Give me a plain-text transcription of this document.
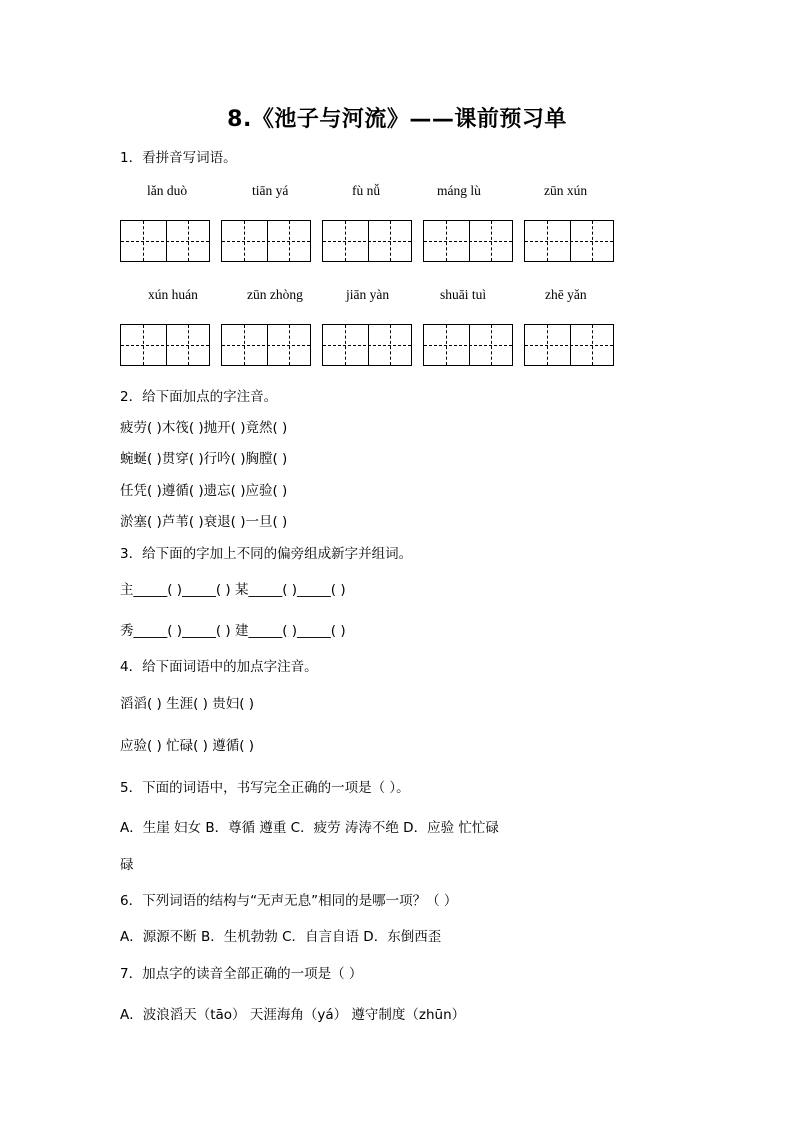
8.《池子与河流》——课前预习单
1．看拼音写词语。
lǎn duò	tiān yá	fù nǚ	máng lù	zūn xún
xún huán	zūn zhòng	jiān yàn	shuāi tuì	zhē yǎn
2．给下面加点的字注音。
疲劳( )木筏( )抛开( )竟然( )
蜿蜒( )贯穿( )行吟( )胸膛( )
任凭( )遵循( )遗忘( )应验( )
淤塞( )芦苇( )衰退( )一旦( )
3．给下面的字加上不同的偏旁组成新字并组词。
主_____( )_____( ) 某_____( )_____( )
秀_____( )_____( ) 建_____( )_____( )
4．给下面词语中的加点字注音。
滔滔( ) 生涯( ) 贵妇( )
应验( ) 忙碌( ) 遵循( )
5．下面的词语中，书写完全正确的一项是（ ）。
A．生崖 妇女 B．尊循 遵重 C．疲劳 涛涛不绝 D．应验 忙忙碌
碌
6．下列词语的结构与“无声无息”相同的是哪一项？（ ）
A．源源不断 B．生机勃勃 C．自言自语 D．东倒西歪
7．加点字的读音全部正确的一项是（ ）
A．波浪滔天（tāo） 天涯海角（yá） 遵守制度（zhūn）
